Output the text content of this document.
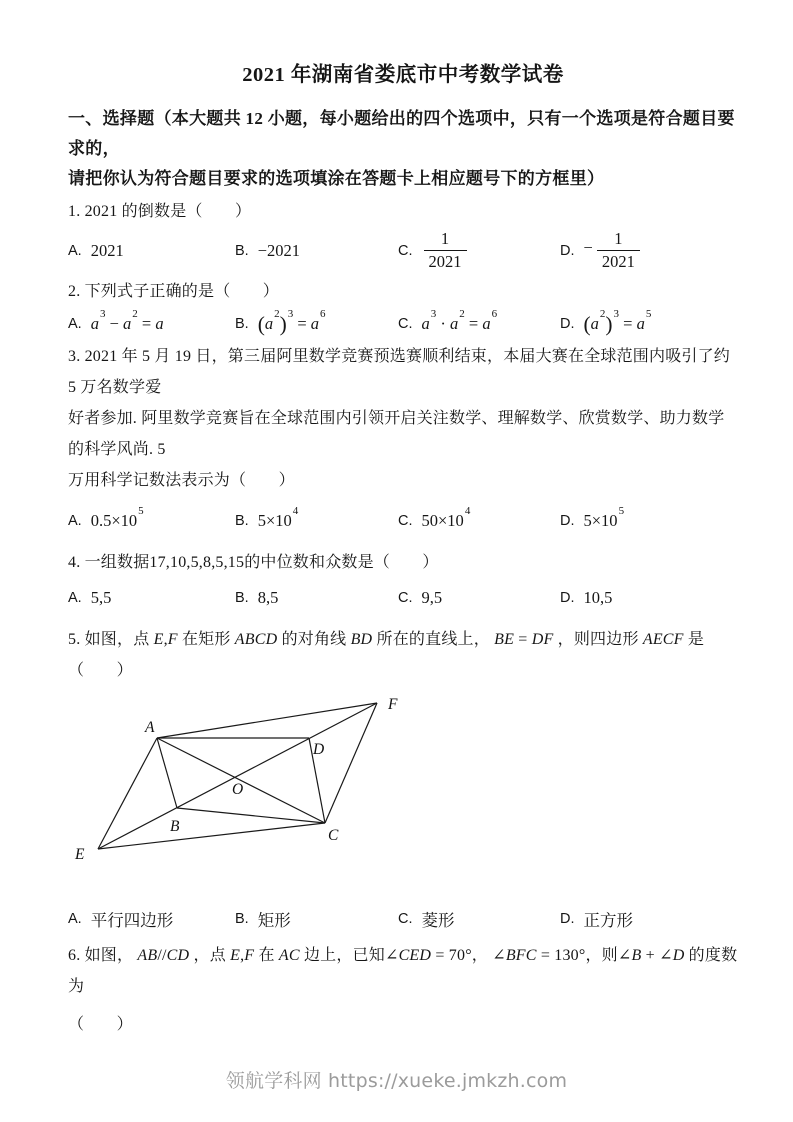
2021 年湖南省娄底市中考数学试卷

一、选择题（本大题共 12 小题，每小题给出的四个选项中，只有一个选项是符合题目要求的，

请把你认为符合题目要求的选项填涂在答题卡上相应题号下的方框里）

1. 2021 的倒数是（  ）

A. 2021	B. −2021	C. $\frac{1}{2021}$	D. − $\frac{1}{2021}$

2. 下列式子正确的是（  ）

A. $a^3 - a^2 = a$	B. $(a^2)^3 = a^6$
C. $a^3 \cdot a^2 = a^6$
D. $(a^2)^3 = a^5$

3. 2021 年 5 月 19 日，第三届阿里数学竞赛预选赛顺利结束，本届大赛在全球范围内吸引了约 5 万名数学爱

好者参加. 阿里数学竞赛旨在全球范围内引领开启关注数学、理解数学、欣赏数学、助力数学的科学风尚. 5

万用科学记数法表示为（  ）

A. $0.5\times 10^5$
B. $5\times 10^4$
C. $50\times 10^4$
D. $5\times 10^5$

4. 一组数据17,10,5,8,5,15的中位数和众数是（  ）

A. 5,5	B. 8,5	C. 9,5	D. 10,5

5. 如图，点 E,F 在矩形 ABCD 的对角线 BD 所在的直线上， BE = DF ，则四边形 AECF 是（  ）

A
B
C
D
E
F
O
A. 平行四边形	B. 矩形	C. 菱形	D. 正方形

6. 如图， AB//CD ，点 E,F 在 AC 边上，已知∠CED = 70°， ∠BFC = 130°，则∠B + ∠D 的度数为

（  ）

领航学科网 https://xueke.jmkzh.com
